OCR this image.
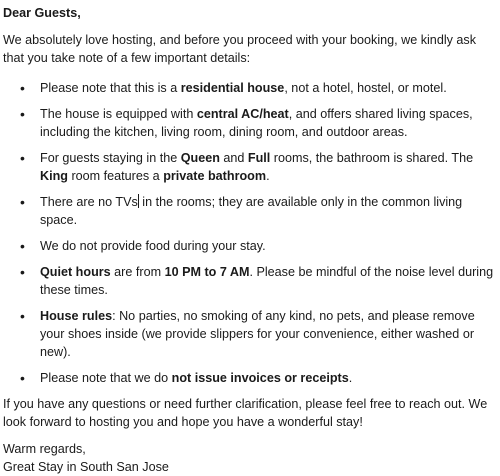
Dear Guests,

We absolutely love hosting, and before you proceed with your booking, we kindly ask that you take note of a few important details:

• Please note that this is a residential house, not a hotel, hostel, or motel.
• The house is equipped with central AC/heat, and offers shared living spaces, including the kitchen, living room, dining room, and outdoor areas.
• For guests staying in the Queen and Full rooms, the bathroom is shared. The King room features a private bathroom.
• There are no TVs in the rooms; they are available only in the common living space.
• We do not provide food during your stay.
• Quiet hours are from 10 PM to 7 AM. Please be mindful of the noise level during these times.
• House rules: No parties, no smoking of any kind, no pets, and please remove your shoes inside (we provide slippers for your convenience, either washed or new).
• Please note that we do not issue invoices or receipts.

If you have any questions or need further clarification, please feel free to reach out. We look forward to hosting you and hope you have a wonderful stay!

Warm regards,

Great Stay in South San Jose
